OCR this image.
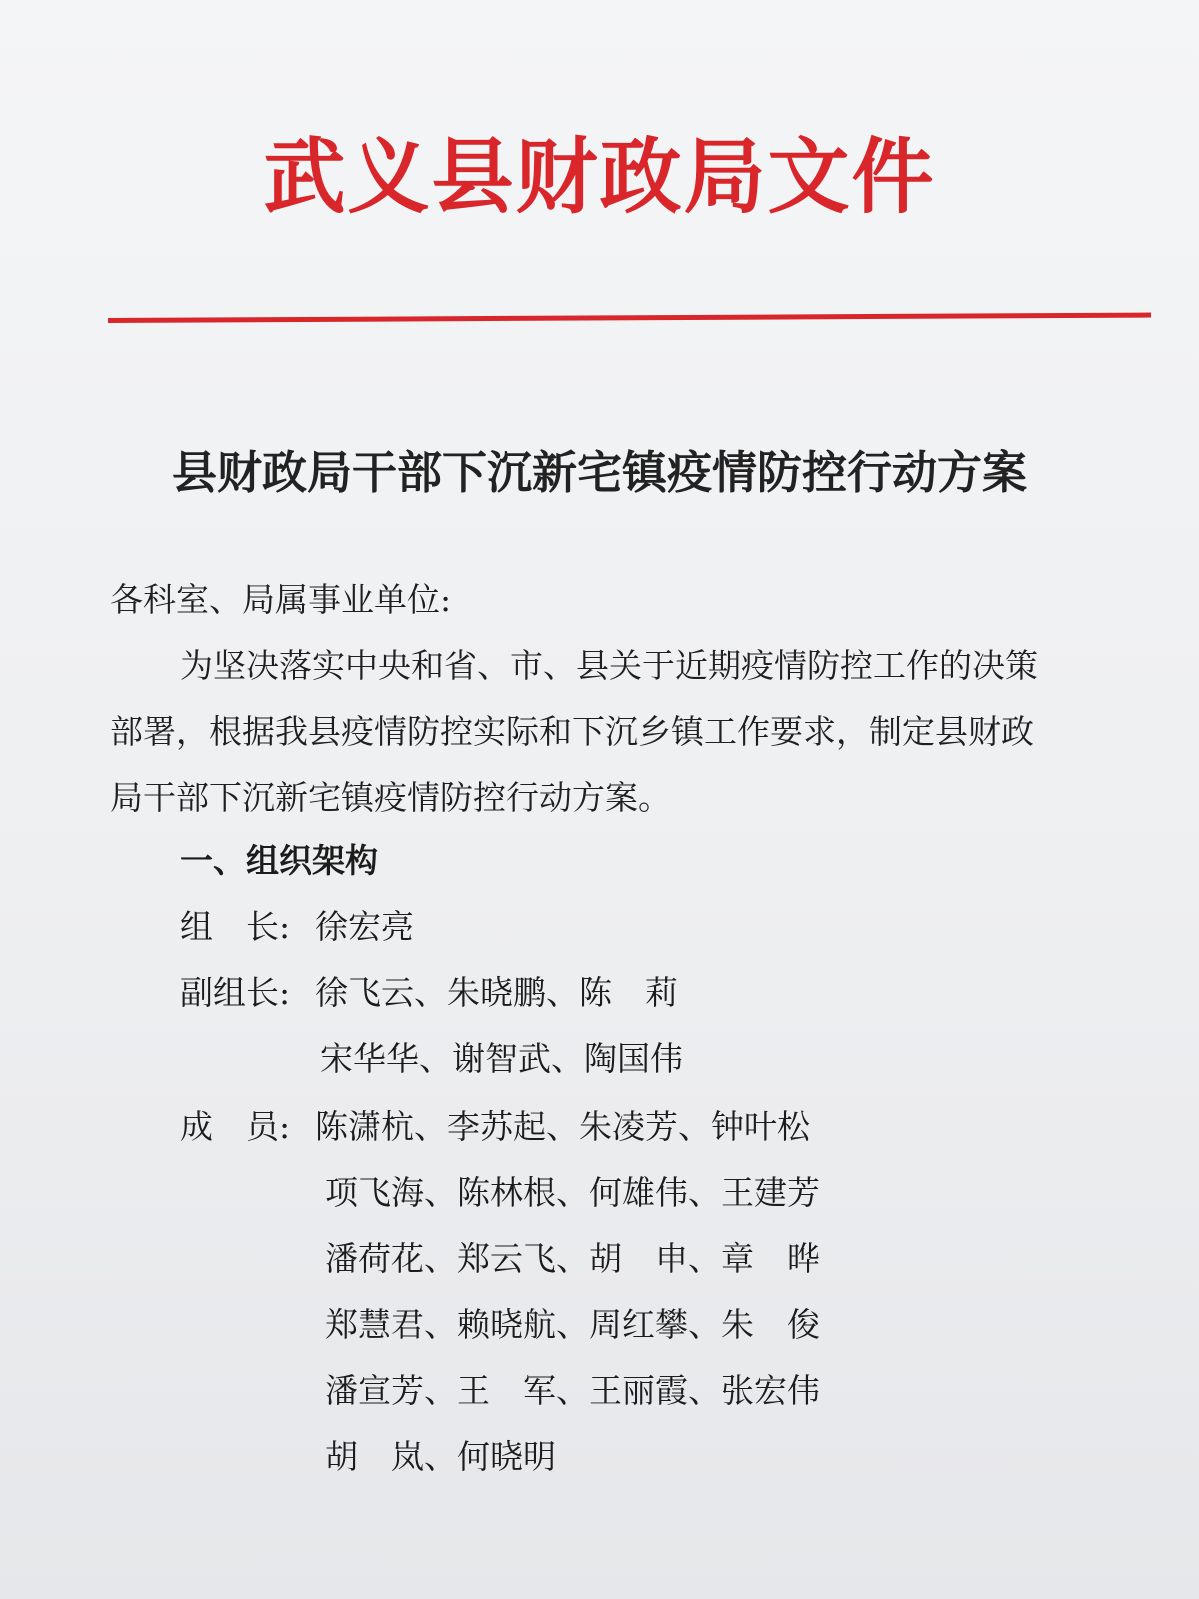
武义县财政局文件
县财政局干部下沉新宅镇疫情防控行动方案
各科室、局属事业单位:
为坚决落实中央和省、市、县关于近期疫情防控工作的决策
部署，根据我县疫情防控实际和下沉乡镇工作要求，制定县财政
局干部下沉新宅镇疫情防控行动方案。
一、组织架构
组　长: 徐宏亮
副组长: 徐飞云、朱晓鹏、陈　莉
宋华华、谢智武、陶国伟
成　员: 陈潇杭、李苏起、朱凌芳、钟叶松
项飞海、陈林根、何雄伟、王建芳
潘荷花、郑云飞、胡　申、章　晔
郑慧君、赖晓航、周红攀、朱　俊
潘宣芳、王　军、王丽霞、张宏伟
胡　岚、何晓明
